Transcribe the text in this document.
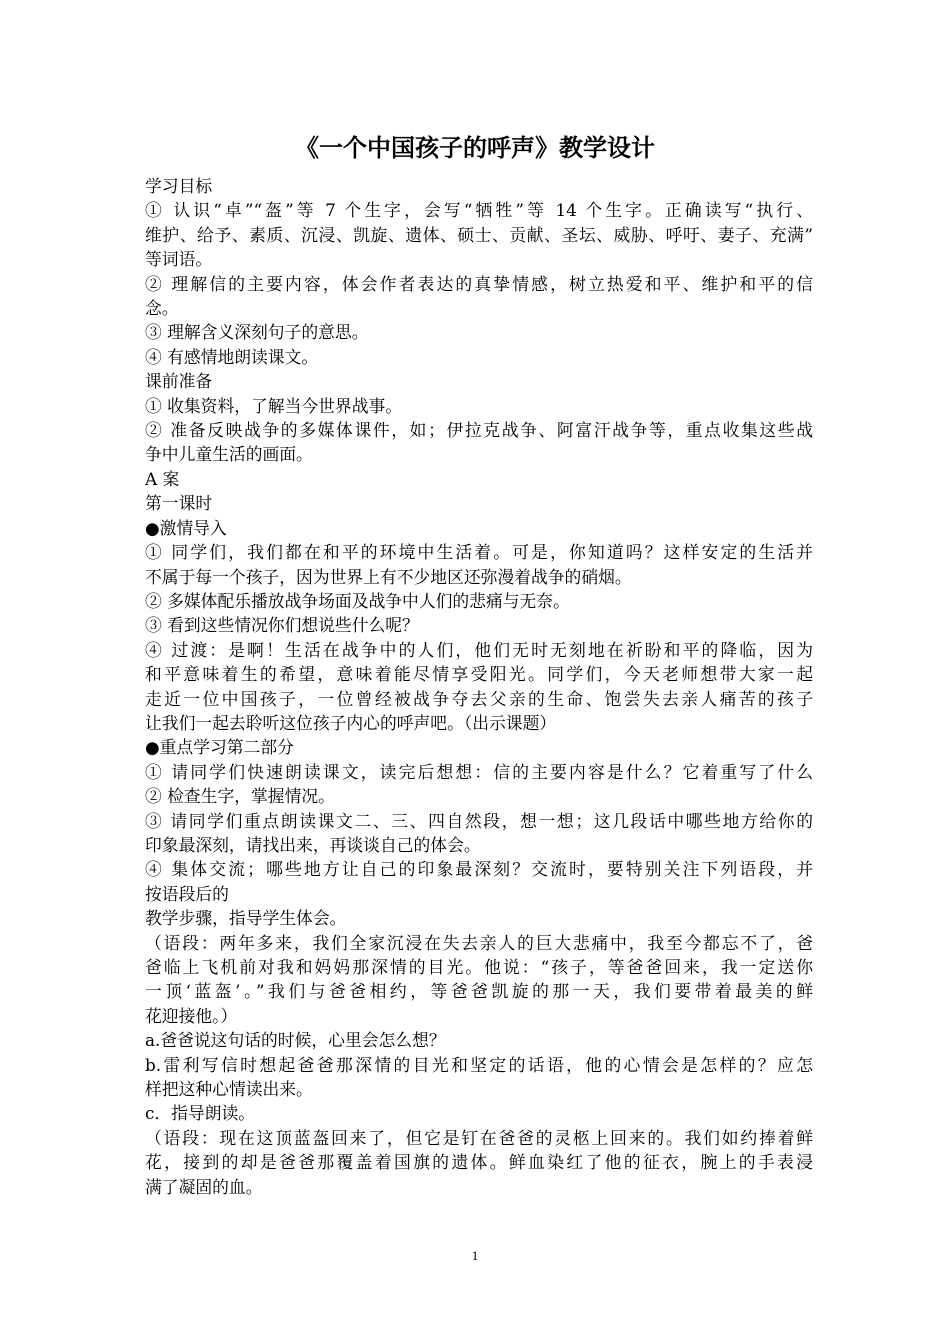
《一个中国孩子的呼声》教学设计
学习目标
① 认识“卓”“盔”等 7 个生字，会写“牺牲”等 14 个生字。正确读写“执行、
维护、给予、素质、沉浸、凯旋、遗体、硕士、贡献、圣坛、威胁、呼吁、妻子、充满”
等词语。
② 理解信的主要内容，体会作者表达的真挚情感，树立热爱和平、维护和平的信
念。
③ 理解含义深刻句子的意思。
④ 有感情地朗读课文。
课前准备
① 收集资料，了解当今世界战事。
② 准备反映战争的多媒体课件，如；伊拉克战争、阿富汗战争等，重点收集这些战
争中儿童生活的画面。
A 案
第一课时
●激情导入
① 同学们，我们都在和平的环境中生活着。可是，你知道吗？这样安定的生活并
不属于每一个孩子，因为世界上有不少地区还弥漫着战争的硝烟。
② 多媒体配乐播放战争场面及战争中人们的悲痛与无奈。
③ 看到这些情况你们想说些什么呢？
④ 过渡：是啊！生活在战争中的人们，他们无时无刻地在祈盼和平的降临，因为
和平意味着生的希望，意味着能尽情享受阳光。同学们，今天老师想带大家一起
走近一位中国孩子，一位曾经被战争夺去父亲的生命、饱尝失去亲人痛苦的孩子
让我们一起去聆听这位孩子内心的呼声吧。（出示课题）
●重点学习第二部分
① 请同学们快速朗读课文，读完后想想：信的主要内容是什么？它着重写了什么
② 检查生字，掌握情况。
③ 请同学们重点朗读课文二、三、四自然段，想一想；这几段话中哪些地方给你的
印象最深刻，请找出来，再谈谈自己的体会。
④ 集体交流；哪些地方让自己的印象最深刻？交流时，要特别关注下列语段，并
按语段后的
教学步骤，指导学生体会。
（语段：两年多来，我们全家沉浸在失去亲人的巨大悲痛中，我至今都忘不了，爸
爸临上飞机前对我和妈妈那深情的目光。他说：“孩子，等爸爸回来，我一定送你
一顶‘蓝盔’。”我们与爸爸相约，等爸爸凯旋的那一天，我们要带着最美的鲜
花迎接他。）
a.爸爸说这句话的时候，心里会怎么想？
b.雷利写信时想起爸爸那深情的目光和坚定的话语，他的心情会是怎样的？应怎
样把这种心情读出来。
c．指导朗读。
（语段：现在这顶蓝盔回来了，但它是钉在爸爸的灵柩上回来的。我们如约捧着鲜
花，接到的却是爸爸那覆盖着国旗的遗体。鲜血染红了他的征衣，腕上的手表浸
满了凝固的血。
1
